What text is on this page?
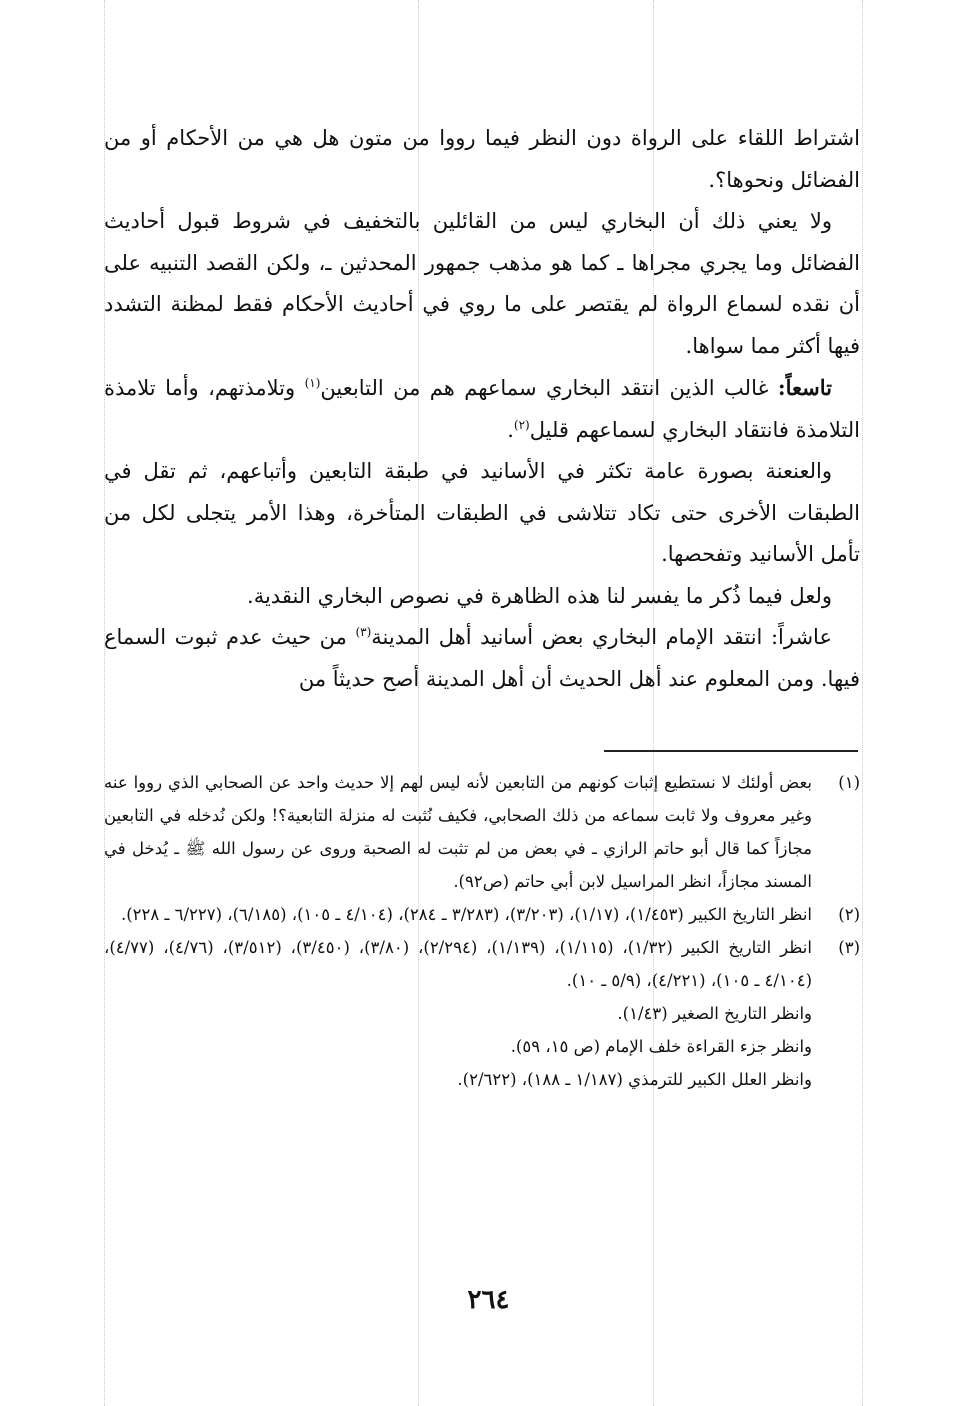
اشتراط اللقاء على الرواة دون النظر فيما رووا من متون هل هي من الأحكام أو من الفضائل ونحوها؟.

ولا يعني ذلك أن البخاري ليس من القائلين بالتخفيف في شروط قبول أحاديث الفضائل وما يجري مجراها ـ كما هو مذهب جمهور المحدثين ـ، ولكن القصد التنبيه على أن نقده لسماع الرواة لم يقتصر على ما روي في أحاديث الأحكام فقط لمظنة التشدد فيها أكثر مما سواها.

تاسعاً: غالب الذين انتقد البخاري سماعهم هم من التابعين$^{(١)}$ وتلامذتهم، وأما تلامذة التلامذة فانتقاد البخاري لسماعهم قليل$^{(٢)}$.

والعنعنة بصورة عامة تكثر في الأسانيد في طبقة التابعين وأتباعهم، ثم تقل في الطبقات الأخرى حتى تكاد تتلاشى في الطبقات المتأخرة، وهذا الأمر يتجلى لكل من تأمل الأسانيد وتفحصها.

ولعل فيما ذُكر ما يفسر لنا هذه الظاهرة في نصوص البخاري النقدية.

عاشراً: انتقد الإمام البخاري بعض أسانيد أهل المدينة$^{(٣)}$ من حيث عدم ثبوت السماع فيها. ومن المعلوم عند أهل الحديث أن أهل المدينة أصح حديثاً من

(١)

بعض أولئك لا نستطيع إثبات كونهم من التابعين لأنه ليس لهم إلا حديث واحد عن الصحابي الذي رووا عنه وغير معروف ولا ثابت سماعه من ذلك الصحابي، فكيف نُثبت له منزلة التابعية؟! ولكن نُدخله في التابعين مجازاً كما قال أبو حاتم الرازي ـ في بعض من لم تثبت له الصحبة وروى عن رسول الله ﷺ ـ يُدخل في المسند مجازاً، انظر المراسيل لابن أبي حاتم (ص٩٢).

(٢)

انظر التاريخ الكبير (١/٤٥٣)، (١/١٧)، (٣/٢٠٣)، (٣/٢٨٣ ـ ٢٨٤)، (٤/١٠٤ ـ ١٠٥)، (٦/١٨٥)، (٦/٢٢٧ ـ ٢٢٨).

(٣)

انظر التاريخ الكبير (١/٣٢)، (١/١١٥)، (١/١٣٩)، (٢/٢٩٤)، (٣/٨٠)، (٣/٤٥٠)، (٣/٥١٢)، (٤/٧٦)، (٤/٧٧)، (٤/١٠٤ ـ ١٠٥)، (٤/٢٢١)، (٥/٩ ـ ١٠).

وانظر التاريخ الصغير (١/٤٣).

وانظر جزء القراءة خلف الإمام (ص ١٥، ٥٩).

وانظر العلل الكبير للترمذي (١/١٨٧ ـ ١٨٨)، (٢/٦٢٢).

٢٦٤
